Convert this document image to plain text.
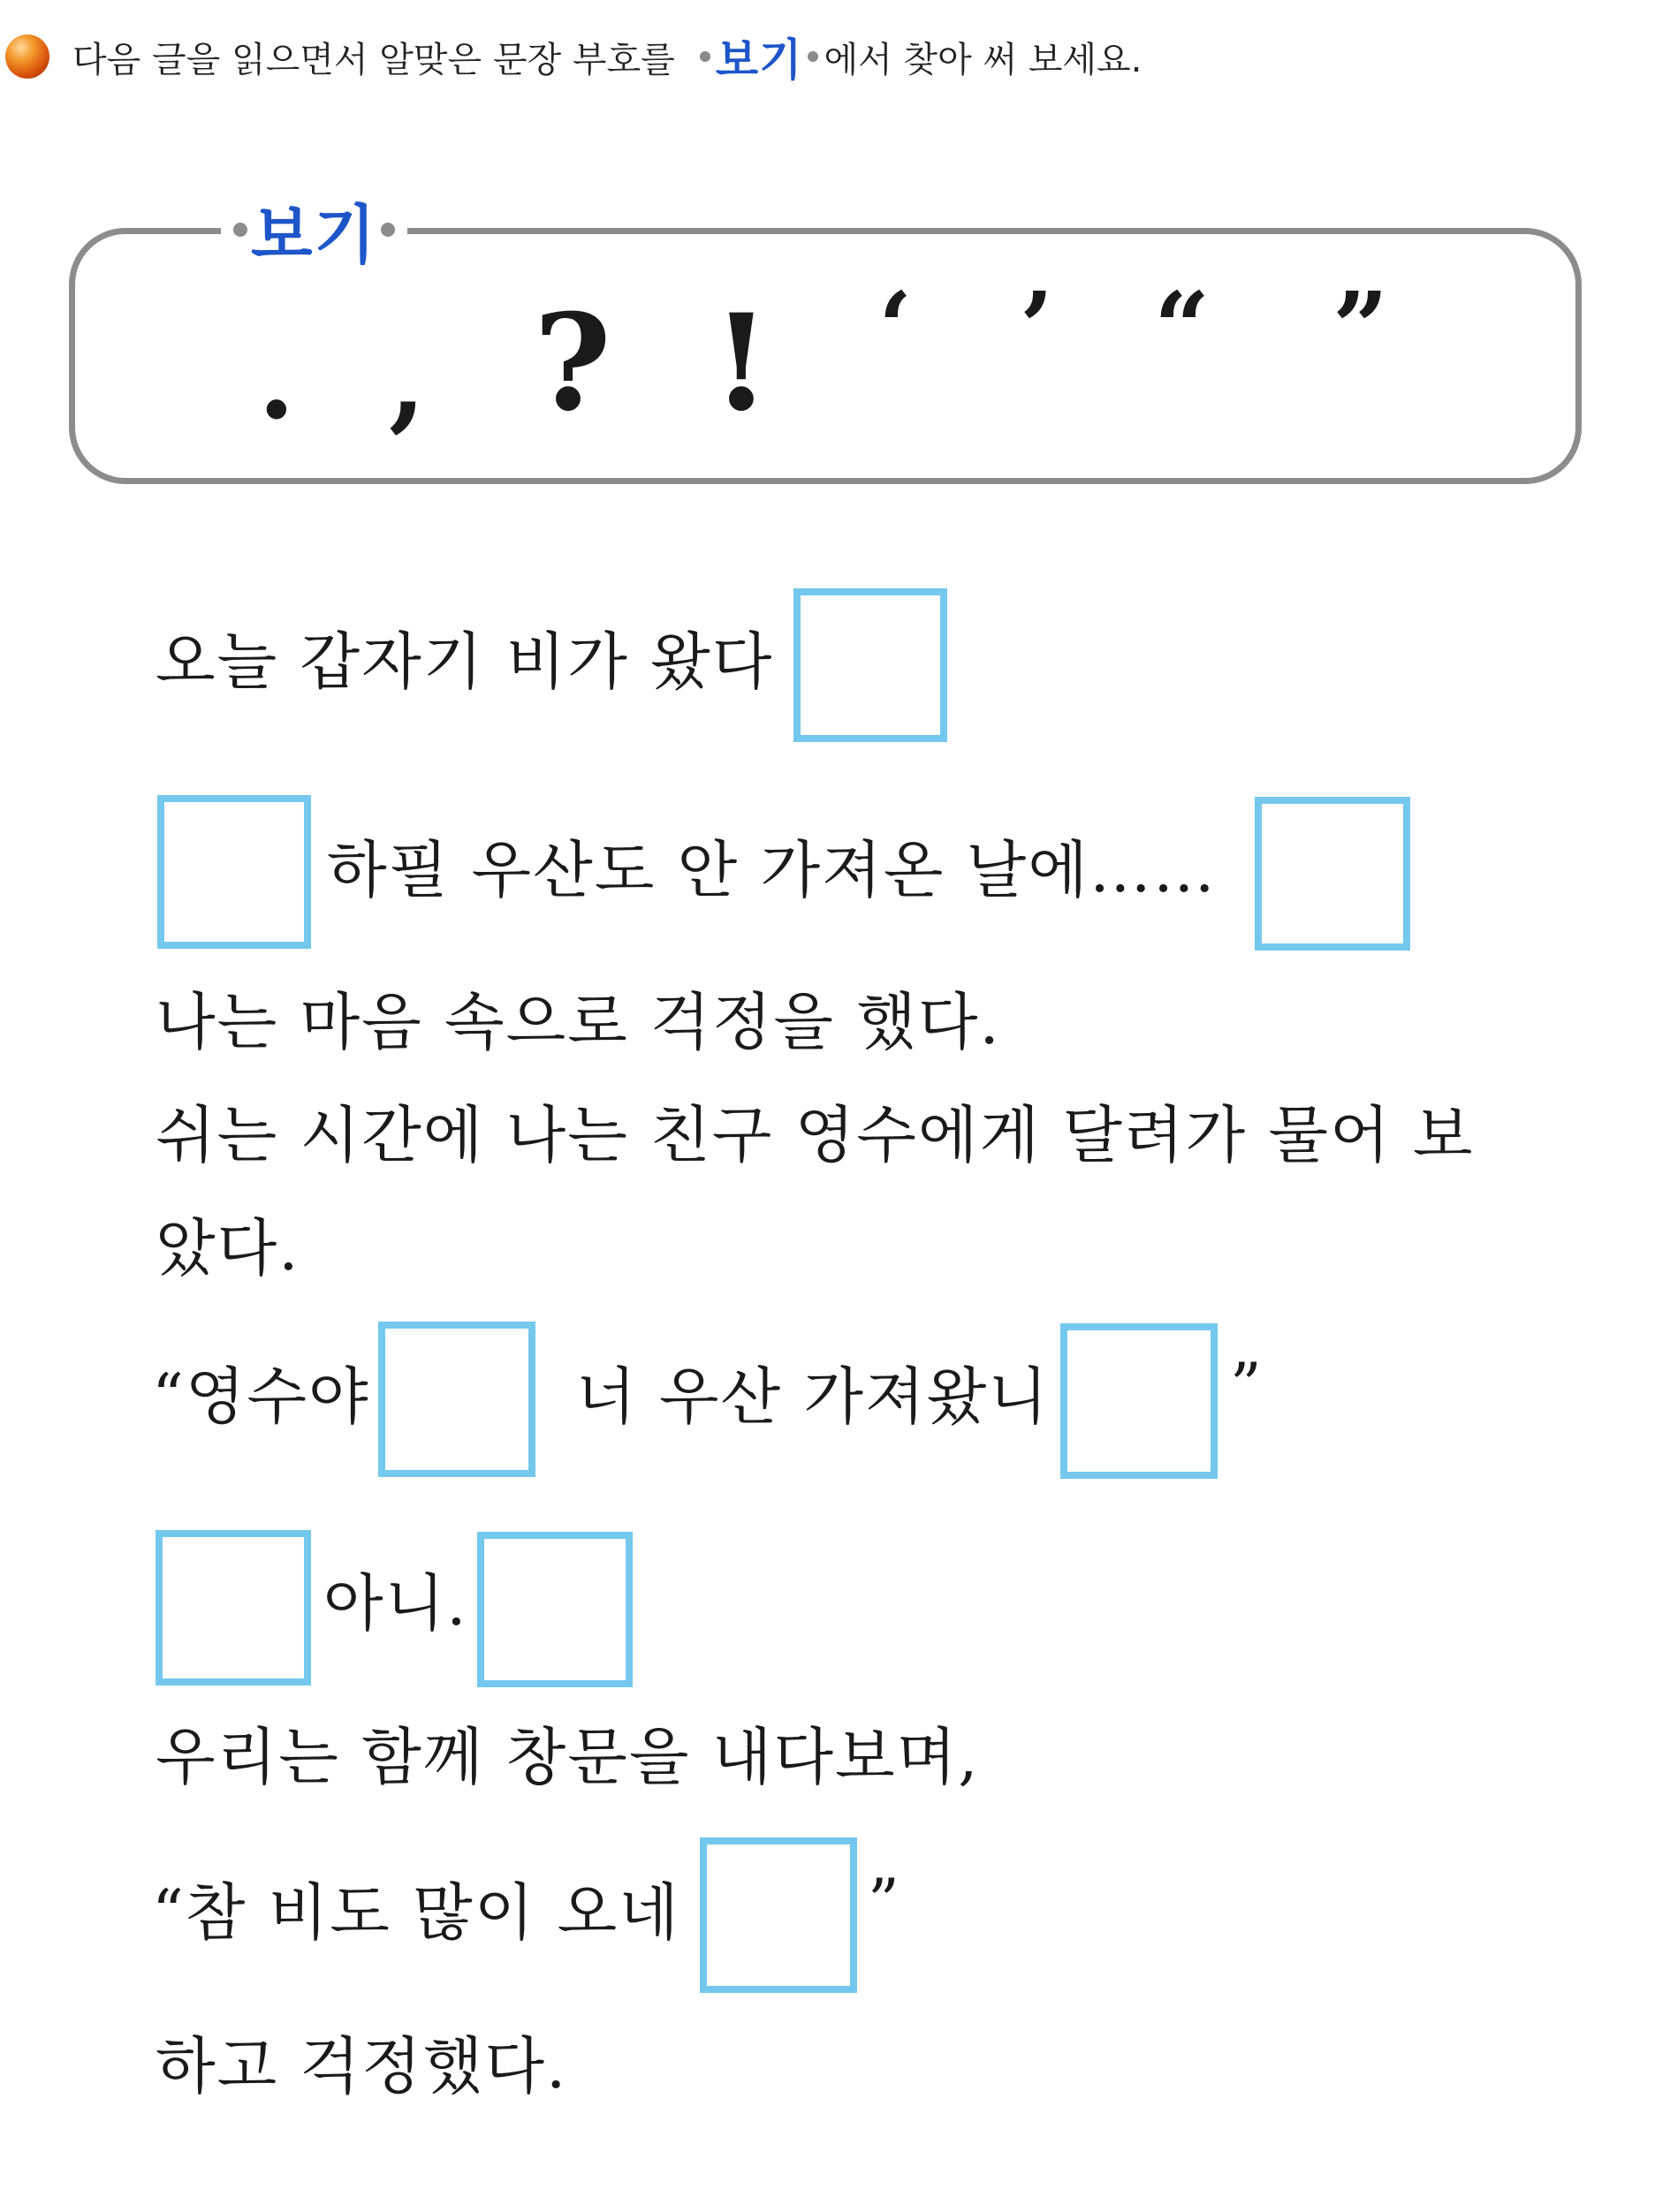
다음 글을 읽으면서 알맞은 문장 부호를 보기 에서 찾아 써 보세요.
보기
. , ? ! ‘ ’ “ ”
오늘 갑자기 비가 왔다
하필 우산도 안 가져온 날에……
나는 마음 속으로 걱정을 했다.
쉬는 시간에 나는 친구 영수에게 달려가 물어 보
았다.
“영수야	너 우산 가져왔니	”
아니.
우리는 함께 창문을 내다보며,
“참 비도 많이 오네	”
하고 걱정했다.
